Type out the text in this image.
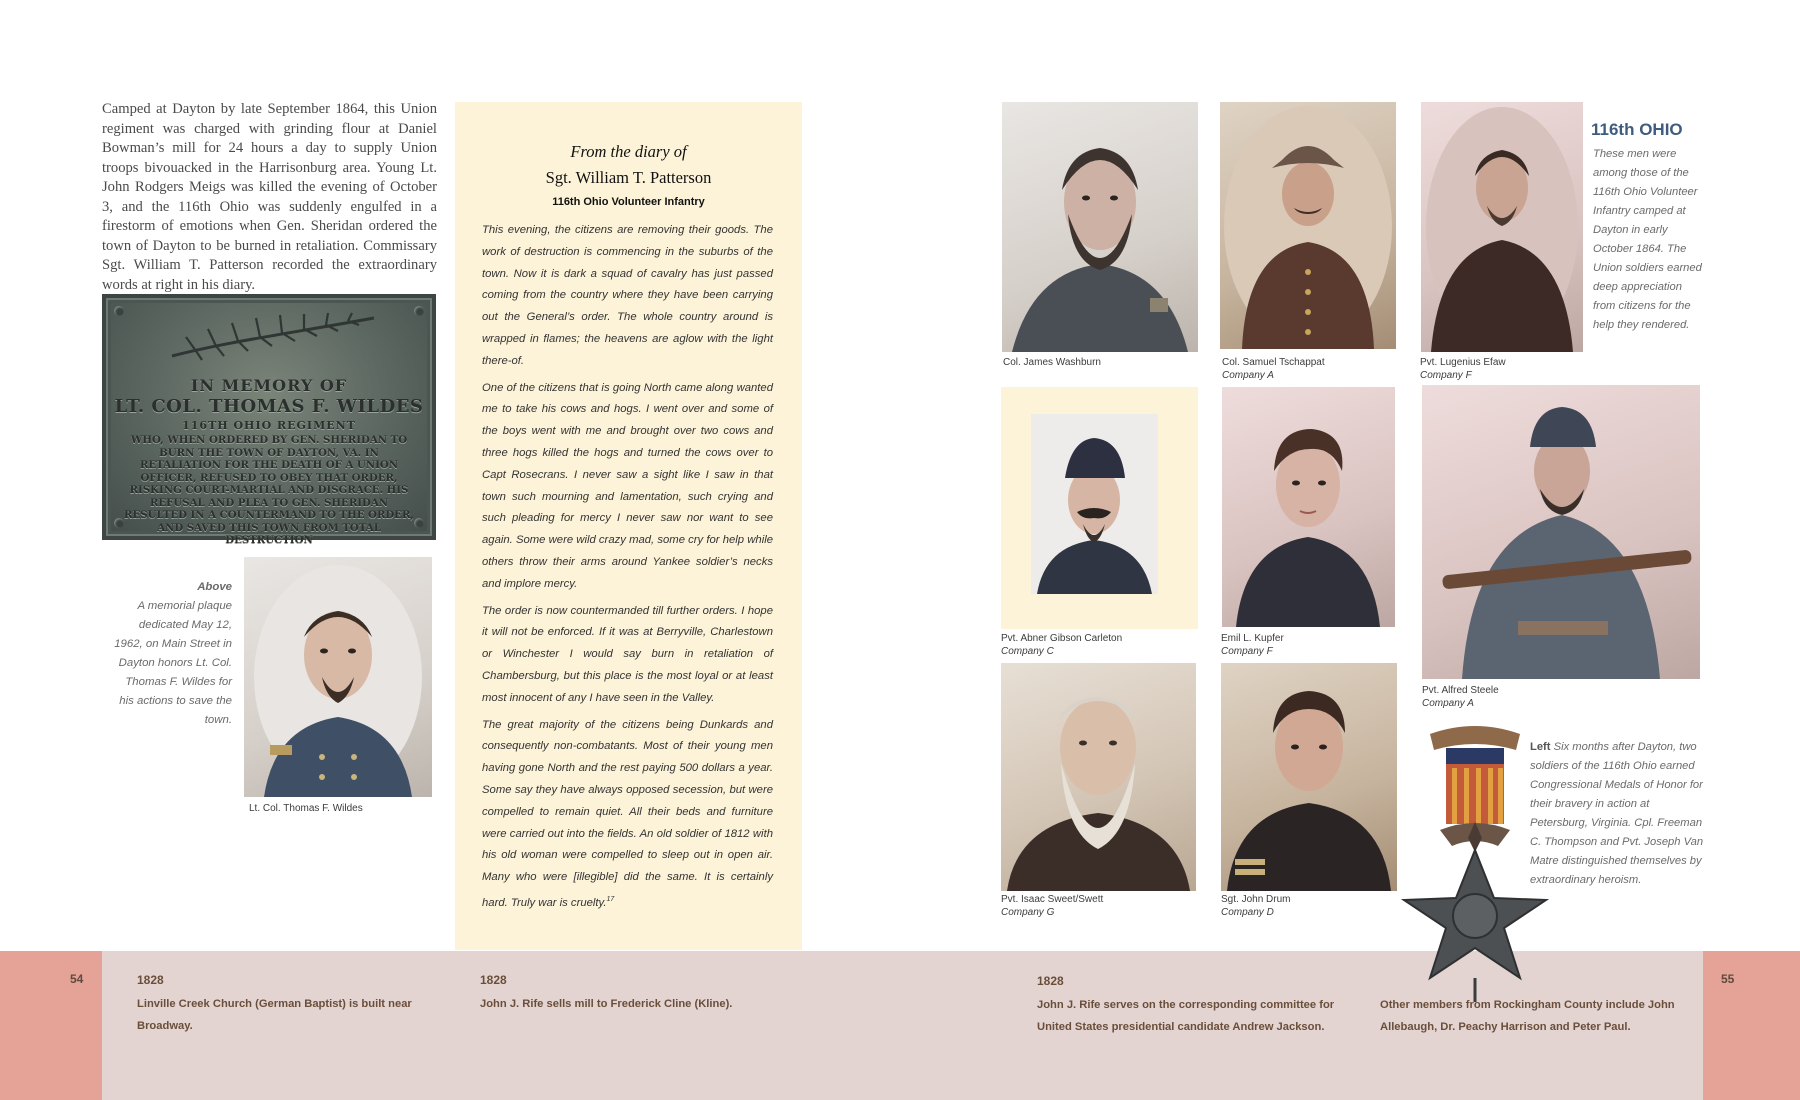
Camped at Dayton by late September 1864, this Union regiment was charged with grinding flour at Daniel Bowman’s mill for 24 hours a day to supply Union troops bivouacked in the Harrisonburg area. Young Lt. John Rodgers Meigs was killed the evening of October 3, and the 116th Ohio was suddenly engulfed in a firestorm of emotions when Gen. Sheridan ordered the town of Dayton to be burned in retaliation. Commissary Sgt. William T. Patterson recorded the extraordinary words at right in his diary.
IN MEMORY OF
LT. COL. THOMAS F. WILDES
116TH OHIO REGIMENT
WHO, WHEN ORDERED BY GEN. SHERIDAN TO BURN THE TOWN OF DAYTON, VA. IN RETALIATION FOR THE DEATH OF A UNION OFFICER, REFUSED TO OBEY THAT ORDER, RISKING COURT-MARTIAL AND DISGRACE. HIS REFUSAL AND PLEA TO GEN. SHERIDAN RESULTED IN A COUNTERMAND TO THE ORDER, AND SAVED THIS TOWN FROM TOTAL DESTRUCTION
Above
A memorial plaque dedicated May 12, 1962, on Main Street in Dayton honors Lt. Col. Thomas F. Wildes for his actions to save the town.
Lt. Col. Thomas F. Wildes
From the diary of
Sgt. William T. Patterson
116th Ohio Volunteer Infantry

This evening, the citizens are removing their goods. The work of destruction is commencing in the suburbs of the town. Now it is dark a squad of cavalry has just passed coming from the country where they have been carrying out the General’s order. The whole country around is wrapped in flames; the heavens are aglow with the light there-of.

One of the citizens that is going North came along wanted me to take his cows and hogs. I went over and some of the boys went with me and brought over two cows and three hogs killed the hogs and turned the cows over to Capt Rosecrans. I never saw a sight like I saw in that town such mourning and lamentation, such crying and such pleading for mercy I never saw nor want to see again. Some were wild crazy mad, some cry for help while others throw their arms around Yankee soldier’s necks and implore mercy.

The order is now countermanded till further orders. I hope it will not be enforced. If it was at Berryville, Charlestown or Winchester I would say burn in retaliation of Chambersburg, but this place is the most loyal or at least most innocent of any I have seen in the Valley.

The great majority of the citizens being Dunkards and consequently non-combatants. Most of their young men having gone North and the rest paying 500 dollars a year. Some say they have always opposed secession, but were compelled to remain quiet. All their beds and furniture were carried out into the fields. An old soldier of 1812 with his old woman were compelled to sleep out in open air. Many who were [illegible] did the same. It is certainly hard. Truly war is cruelty.$^{17}$

Col. James Washburn	Col. Samuel Tschappat
Company A
Pvt. Lugenius Efaw
Company F
116th OHIO
These men were among those of the 116th Ohio Volunteer Infantry camped at Dayton in early October 1864. The Union soldiers earned deep appreciation from citizens for the help they rendered.
Pvt. Abner Gibson Carleton
Company C
Emil L. Kupfer
Company F
Pvt. Alfred Steele
Company A
Pvt. Isaac Sweet/Swett
Company G
Sgt. John Drum
Company D
Left Six months after Dayton, two soldiers of the 116th Ohio earned Congressional Medals of Honor for their bravery in action at Petersburg, Virginia. Cpl. Freeman C. Thompson and Pvt. Joseph Van Matre distinguished themselves by extraordinary heroism.
54	55
1828
Linville Creek Church (German Baptist) is built near Broadway.
1828
John J. Rife sells mill to Frederick Cline (Kline).
1828
John J. Rife serves on the corresponding committee for United States presidential candidate Andrew Jackson.
Other members from Rockingham County include John Allebaugh, Dr. Peachy Harrison and Peter Paul.
